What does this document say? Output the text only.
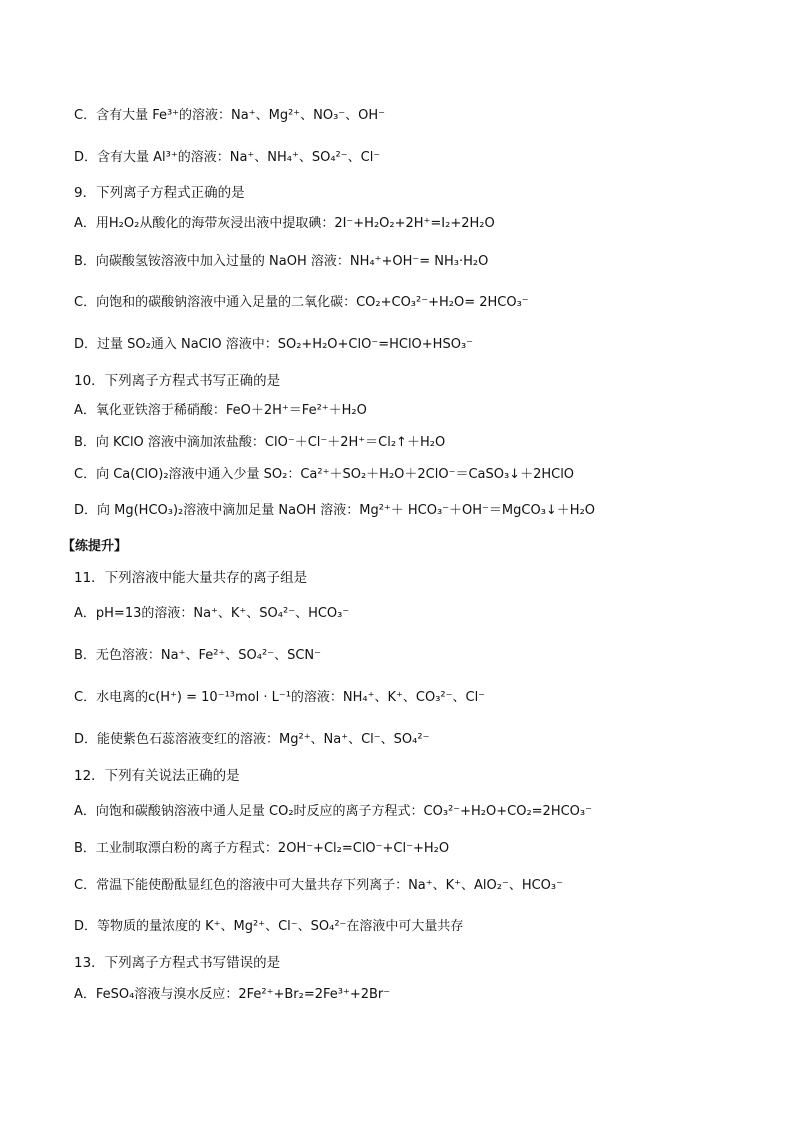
C．含有大量 Fe³⁺的溶液：Na⁺、Mg²⁺、NO₃⁻、OH⁻
D．含有大量 Al³⁺的溶液：Na⁺、NH₄⁺、SO₄²⁻、Cl⁻
9．下列离子方程式正确的是
A．用H₂O₂从酸化的海带灰浸出液中提取碘：2I⁻+H₂O₂+2H⁺=I₂+2H₂O
B．向碳酸氢铵溶液中加入过量的 NaOH 溶液：NH₄⁺+OH⁻= NH₃·H₂O
C．向饱和的碳酸钠溶液中通入足量的二氧化碳：CO₂+CO₃²⁻+H₂O= 2HCO₃⁻
D．过量 SO₂通入 NaClO 溶液中：SO₂+H₂O+ClO⁻=HClO+HSO₃⁻
10．下列离子方程式书写正确的是
A．氧化亚铁溶于稀硝酸：FeO＋2H⁺＝Fe²⁺＋H₂O
B．向 KClO 溶液中滴加浓盐酸：ClO⁻＋Cl⁻＋2H⁺＝Cl₂↑＋H₂O
C．向 Ca(ClO)₂溶液中通入少量 SO₂：Ca²⁺＋SO₂＋H₂O＋2ClO⁻＝CaSO₃↓＋2HClO
D．向 Mg(HCO₃)₂溶液中滴加足量 NaOH 溶液：Mg²⁺＋ HCO₃⁻＋OH⁻＝MgCO₃↓＋H₂O
【练提升】
11．下列溶液中能大量共存的离子组是
A．pH=13的溶液：Na⁺、K⁺、SO₄²⁻、HCO₃⁻
B．无色溶液：Na⁺、Fe²⁺、SO₄²⁻、SCN⁻
C．水电离的c(H⁺) = 10⁻¹³mol · L⁻¹的溶液：NH₄⁺、K⁺、CO₃²⁻、Cl⁻
D．能使紫色石蕊溶液变红的溶液：Mg²⁺、Na⁺、Cl⁻、SO₄²⁻
12．下列有关说法正确的是
A．向饱和碳酸钠溶液中通人足量 CO₂时反应的离子方程式：CO₃²⁻+H₂O+CO₂=2HCO₃⁻
B．工业制取漂白粉的离子方程式：2OH⁻+Cl₂=ClO⁻+Cl⁻+H₂O
C．常温下能使酚酞显红色的溶液中可大量共存下列离子：Na⁺、K⁺、AlO₂⁻、HCO₃⁻
D．等物质的量浓度的 K⁺、Mg²⁺、Cl⁻、SO₄²⁻在溶液中可大量共存
13．下列离子方程式书写错误的是
A．FeSO₄溶液与溴水反应：2Fe²⁺+Br₂=2Fe³⁺+2Br⁻
